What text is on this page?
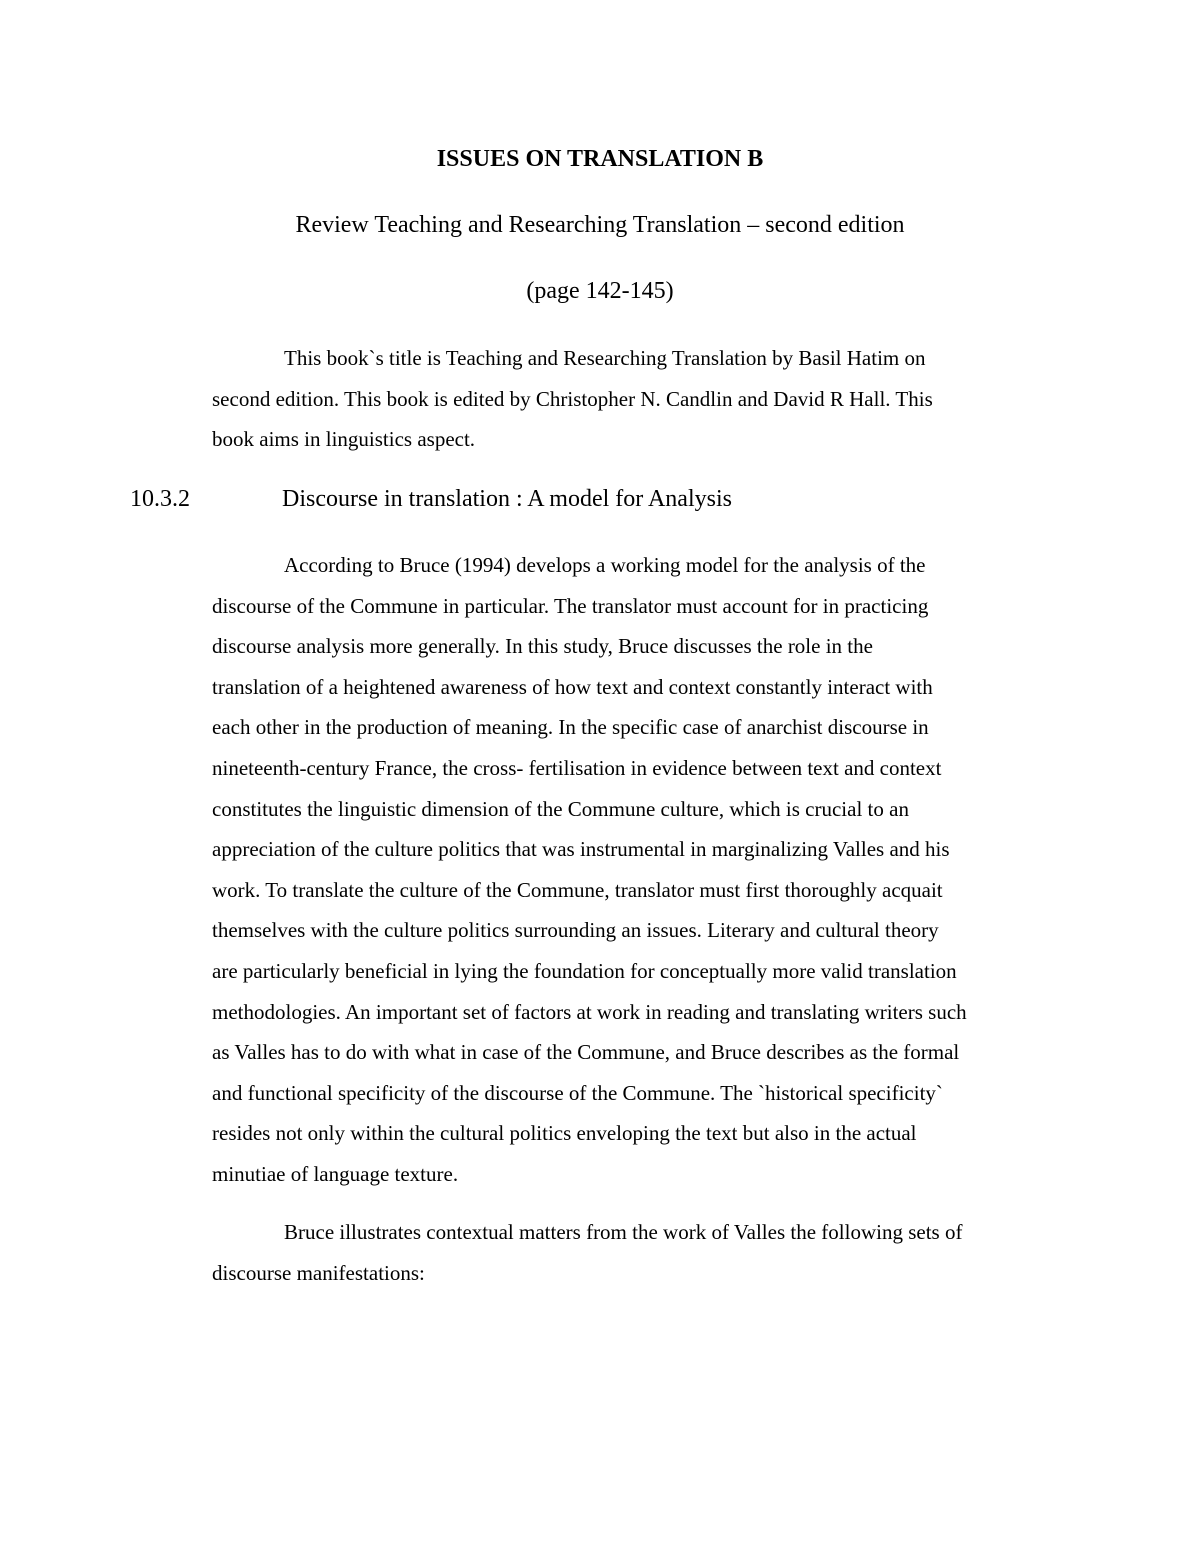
ISSUES ON TRANSLATION B
Review Teaching and Researching Translation – second edition
(page 142-145)
This book`s title is Teaching and Researching Translation by Basil Hatim on
second edition. This book is edited by Christopher N. Candlin and David R Hall. This
book aims in linguistics aspect.
10.3.2	Discourse in translation : A model for Analysis
According to Bruce (1994) develops a working model for the analysis of the
discourse of the Commune in particular. The translator must account for in practicing
discourse analysis more generally. In this study, Bruce discusses the role in the
translation of a heightened awareness of how text and context constantly interact with
each other in the production of meaning. In the specific case of anarchist discourse in
nineteenth-century France, the cross- fertilisation in evidence between text and context
constitutes the linguistic dimension of the Commune culture, which is crucial to an
appreciation of the culture politics that was instrumental in marginalizing Valles and his
work. To translate the culture of the Commune, translator must first thoroughly acquait
themselves with the culture politics surrounding an issues. Literary and cultural theory
are particularly beneficial in lying the foundation for conceptually more valid translation
methodologies. An important set of factors at work in reading and translating writers such
as Valles has to do with what in case of the Commune, and Bruce describes as the formal
and functional specificity of the discourse of the Commune. The `historical specificity`
resides not only within the cultural politics enveloping the text but also in the actual
minutiae of language texture.
Bruce illustrates contextual matters from the work of Valles the following sets of
discourse manifestations:
